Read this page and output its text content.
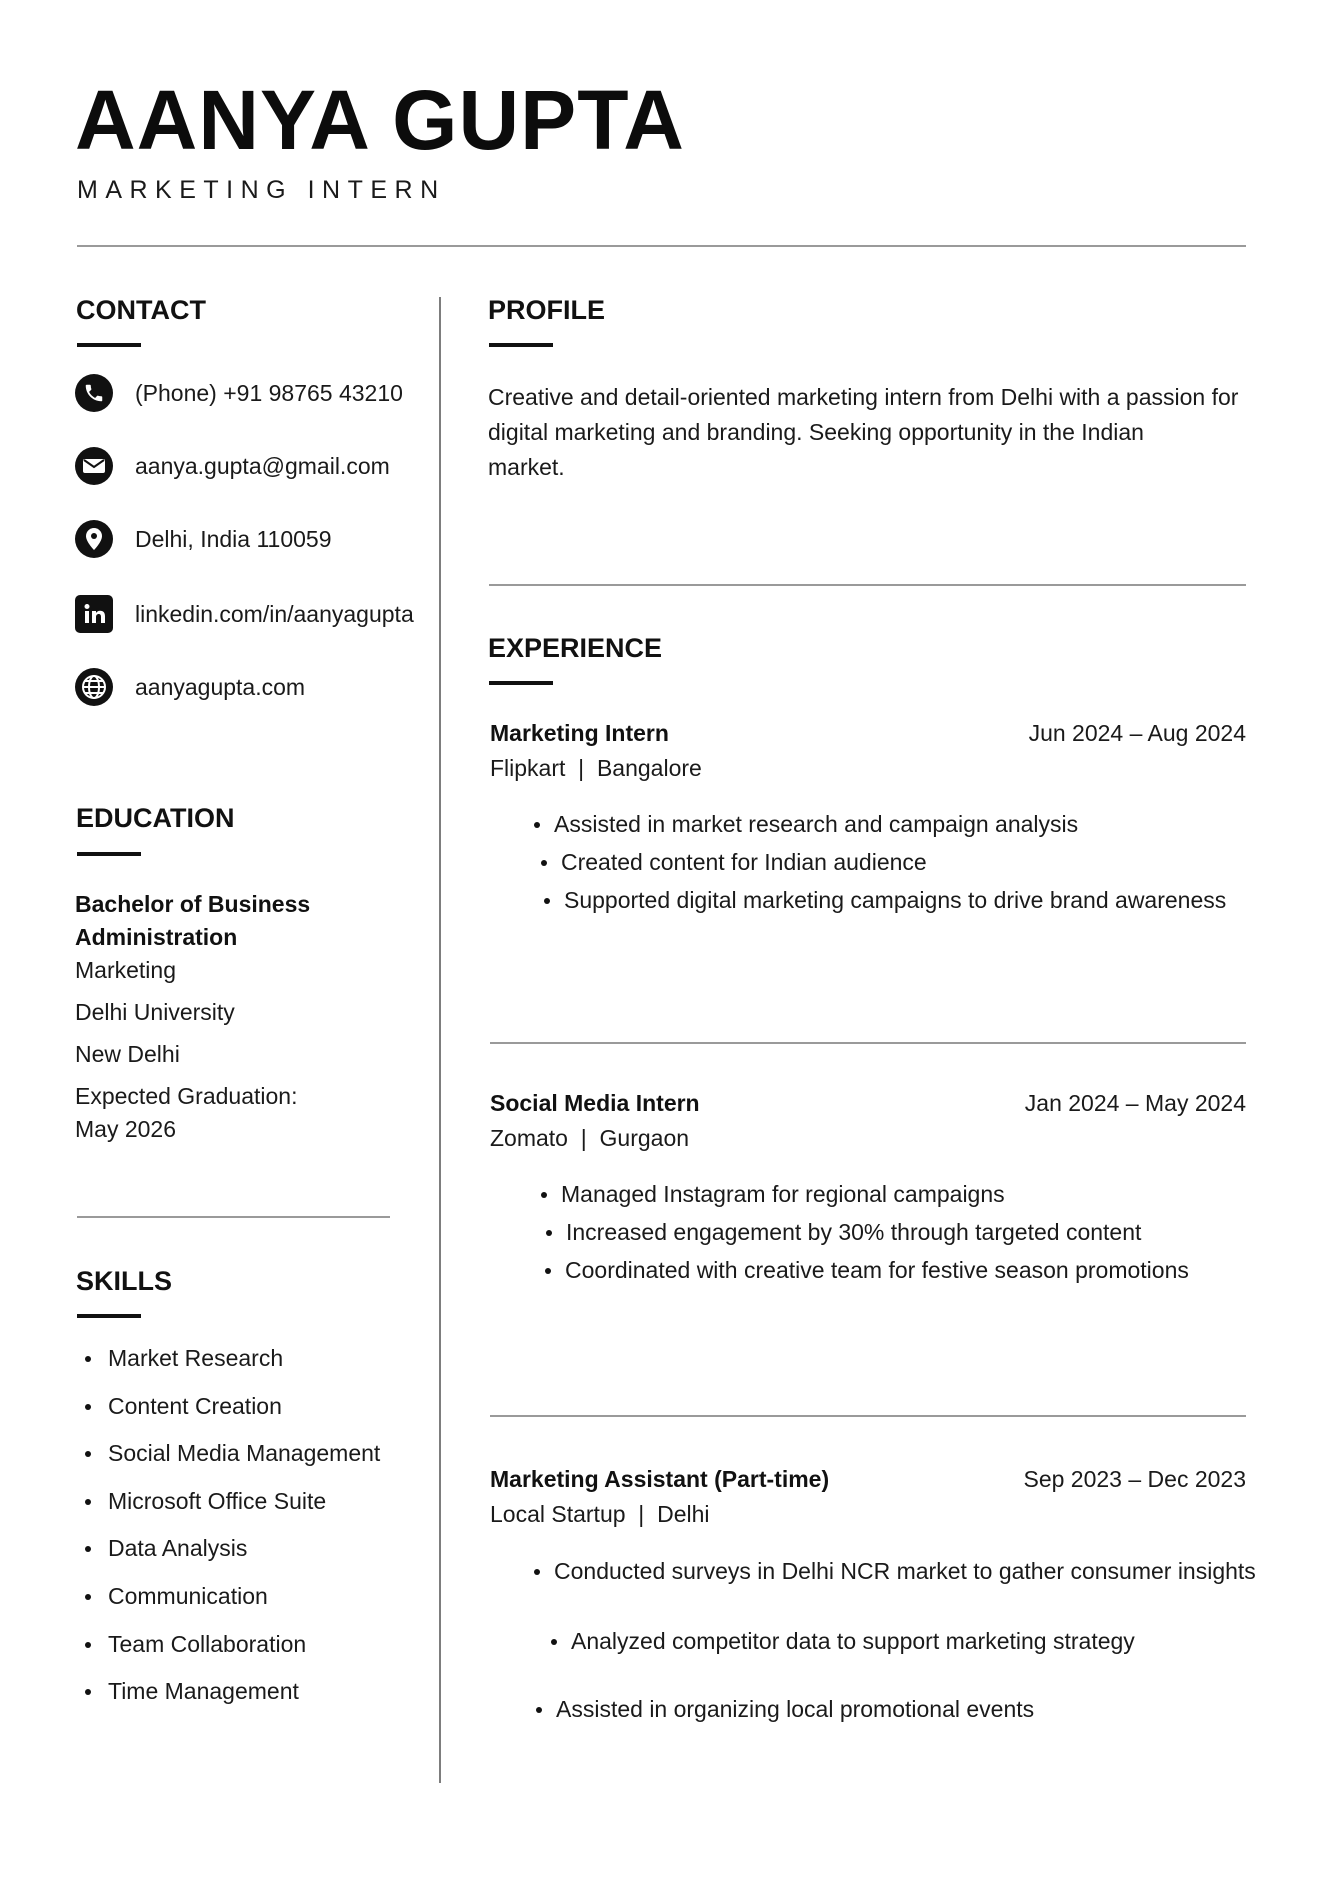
AANYA GUPTA

MARKETING INTERN

CONTACT
(Phone) +91 98765 43210
aanya.gupta@gmail.com
Delhi, India 110059
linkedin.com/in/aanyagupta
aanyagupta.com
EDUCATION
Bachelor of Business
Administration
Marketing
Delhi University
New Delhi
Expected Graduation:
May 2026
SKILLS
Market Research
Content Creation
Social Media Management
Microsoft Office Suite
Data Analysis
Communication
Team Collaboration
Time Management
PROFILE
Creative and detail-oriented marketing intern from Delhi with a passion for
digital marketing and branding. Seeking opportunity in the Indian
market.
EXPERIENCE
Marketing Intern	Jun 2024 – Aug 2024
Flipkart  |  Bangalore
Assisted in market research and campaign analysis
Created content for Indian audience
Supported digital marketing campaigns to drive brand awareness
Social Media Intern	Jan 2024 – May 2024
Zomato  |  Gurgaon
Managed Instagram for regional campaigns
Increased engagement by 30% through targeted content
Coordinated with creative team for festive season promotions
Marketing Assistant (Part-time)	Sep 2023 – Dec 2023
Local Startup  |  Delhi
Conducted surveys in Delhi NCR market to gather consumer insights
Analyzed competitor data to support marketing strategy
Assisted in organizing local promotional events
